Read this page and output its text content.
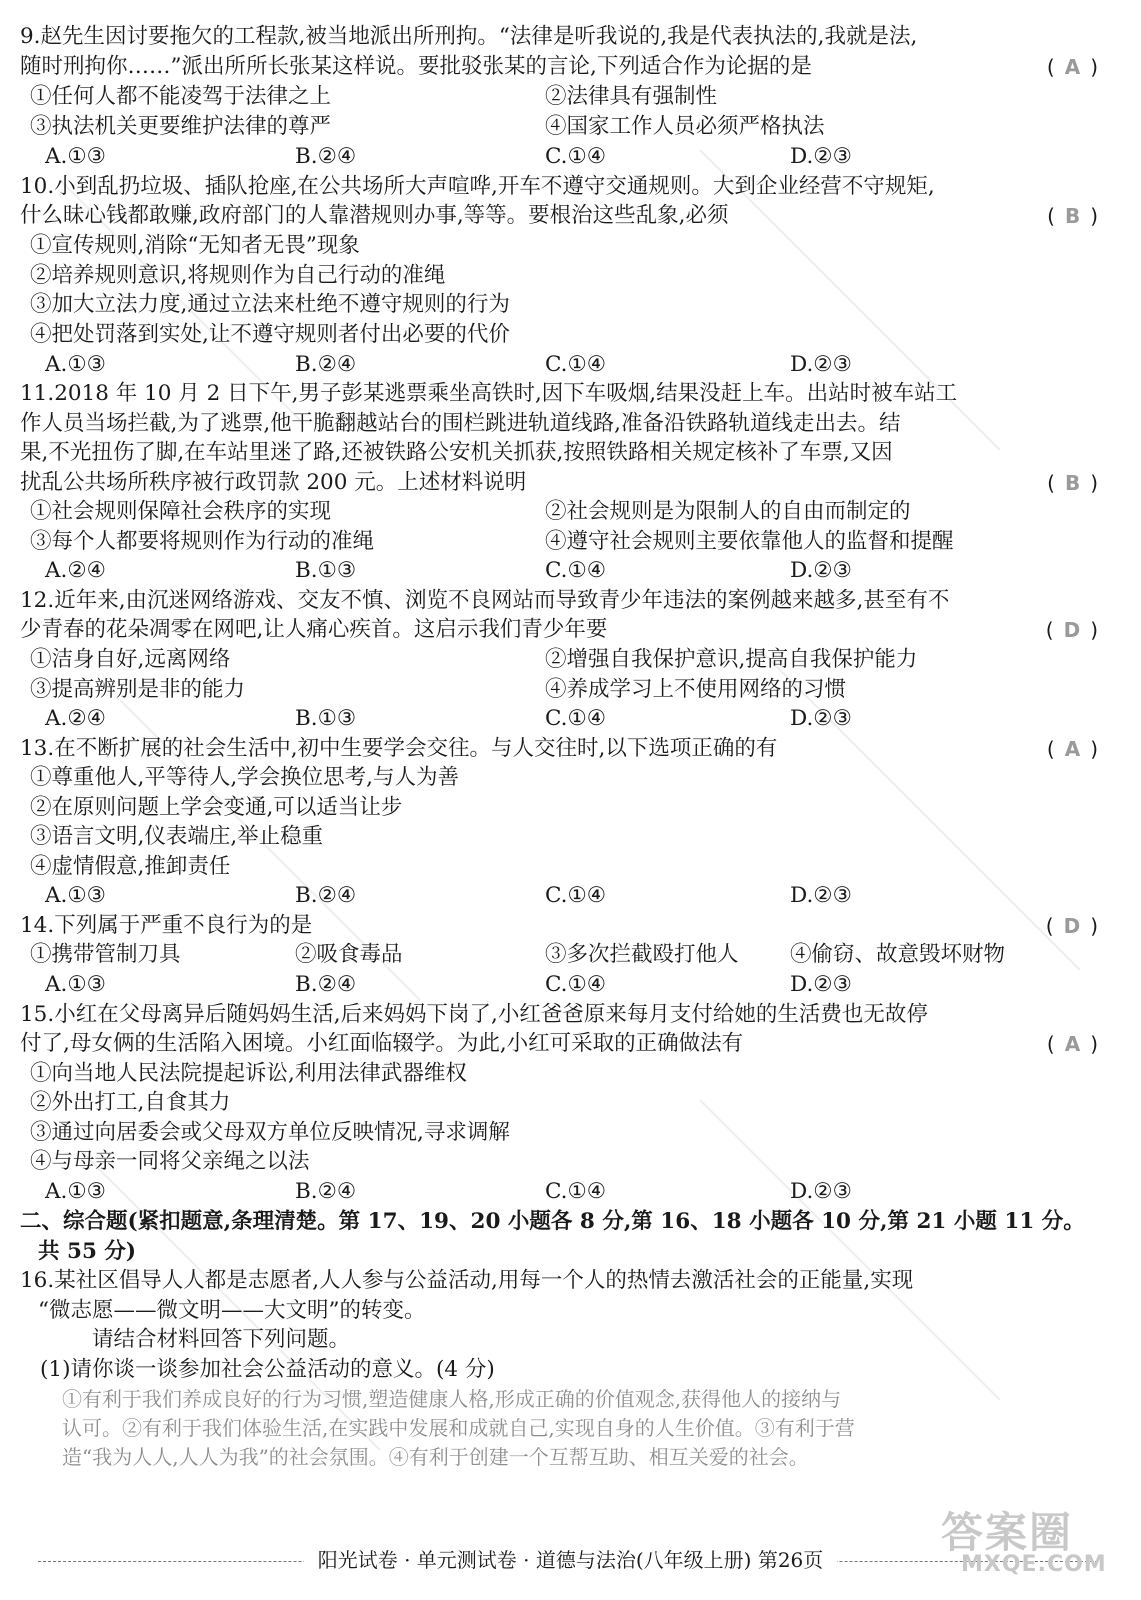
9.赵先生因讨要拖欠的工程款,被当地派出所刑拘。“法律是听我说的,我是代表执法的,我就是法,
随时刑拘你……”派出所所长张某这样说。要批驳张某的言论,下列适合作为论据的是	( A )
①任何人都不能凌驾于法律之上	②法律具有强制性
③执法机关更要维护法律的尊严	④国家工作人员必须严格执法
A.①③	B.②④	C.①④	D.②③
10.小到乱扔垃圾、插队抢座,在公共场所大声喧哗,开车不遵守交通规则。大到企业经营不守规矩,
什么昧心钱都敢赚,政府部门的人靠潜规则办事,等等。要根治这些乱象,必须	( B )
①宣传规则,消除“无知者无畏”现象
②培养规则意识,将规则作为自己行动的准绳
③加大立法力度,通过立法来杜绝不遵守规则的行为
④把处罚落到实处,让不遵守规则者付出必要的代价
A.①③	B.②④	C.①④	D.②③
11.2018 年 10 月 2 日下午,男子彭某逃票乘坐高铁时,因下车吸烟,结果没赶上车。出站时被车站工
作人员当场拦截,为了逃票,他干脆翻越站台的围栏跳进轨道线路,准备沿铁路轨道线走出去。结
果,不光扭伤了脚,在车站里迷了路,还被铁路公安机关抓获,按照铁路相关规定核补了车票,又因
扰乱公共场所秩序被行政罚款 200 元。上述材料说明	( B )
①社会规则保障社会秩序的实现	②社会规则是为限制人的自由而制定的
③每个人都要将规则作为行动的准绳	④遵守社会规则主要依靠他人的监督和提醒
A.②④	B.①③	C.①④	D.②③
12.近年来,由沉迷网络游戏、交友不慎、浏览不良网站而导致青少年违法的案例越来越多,甚至有不
少青春的花朵凋零在网吧,让人痛心疾首。这启示我们青少年要	( D )
①洁身自好,远离网络	②增强自我保护意识,提高自我保护能力
③提高辨别是非的能力	④养成学习上不使用网络的习惯
A.②④	B.①③	C.①④	D.②③
13.在不断扩展的社会生活中,初中生要学会交往。与人交往时,以下选项正确的有	( A )
①尊重他人,平等待人,学会换位思考,与人为善
②在原则问题上学会变通,可以适当让步
③语言文明,仪表端庄,举止稳重
④虚情假意,推卸责任
A.①③	B.②④	C.①④	D.②③
14.下列属于严重不良行为的是	( D )
①携带管制刀具	②吸食毒品	③多次拦截殴打他人 ④偷窃、故意毁坏财物
A.①③	B.②④	C.①④	D.②③
15.小红在父母离异后随妈妈生活,后来妈妈下岗了,小红爸爸原来每月支付给她的生活费也无故停
付了,母女俩的生活陷入困境。小红面临辍学。为此,小红可采取的正确做法有	( A )
①向当地人民法院提起诉讼,利用法律武器维权
②外出打工,自食其力
③通过向居委会或父母双方单位反映情况,寻求调解
④与母亲一同将父亲绳之以法
A.①③	B.②④	C.①④	D.②③
二、综合题(紧扣题意,条理清楚。第 17、19、20 小题各 8 分,第 16、18 小题各 10 分,第 21 小题 11 分。
共 55 分)
16.某社区倡导人人都是志愿者,人人参与公益活动,用每一个人的热情去激活社会的正能量,实现
“微志愿——微文明——大文明”的转变。
请结合材料回答下列问题。
(1)请你谈一谈参加社会公益活动的意义。(4 分)
①有利于我们养成良好的行为习惯,塑造健康人格,形成正确的价值观念,获得他人的接纳与
认可。②有利于我们体验生活,在实践中发展和成就自己,实现自身的人生价值。③有利于营
造“我为人人,人人为我”的社会氛围。④有利于创建一个互帮互助、相互关爱的社会。
阳光试卷 · 单元测试卷 · 道德与法治(八年级上册) 第26页
答案圈
MXQE.COM
